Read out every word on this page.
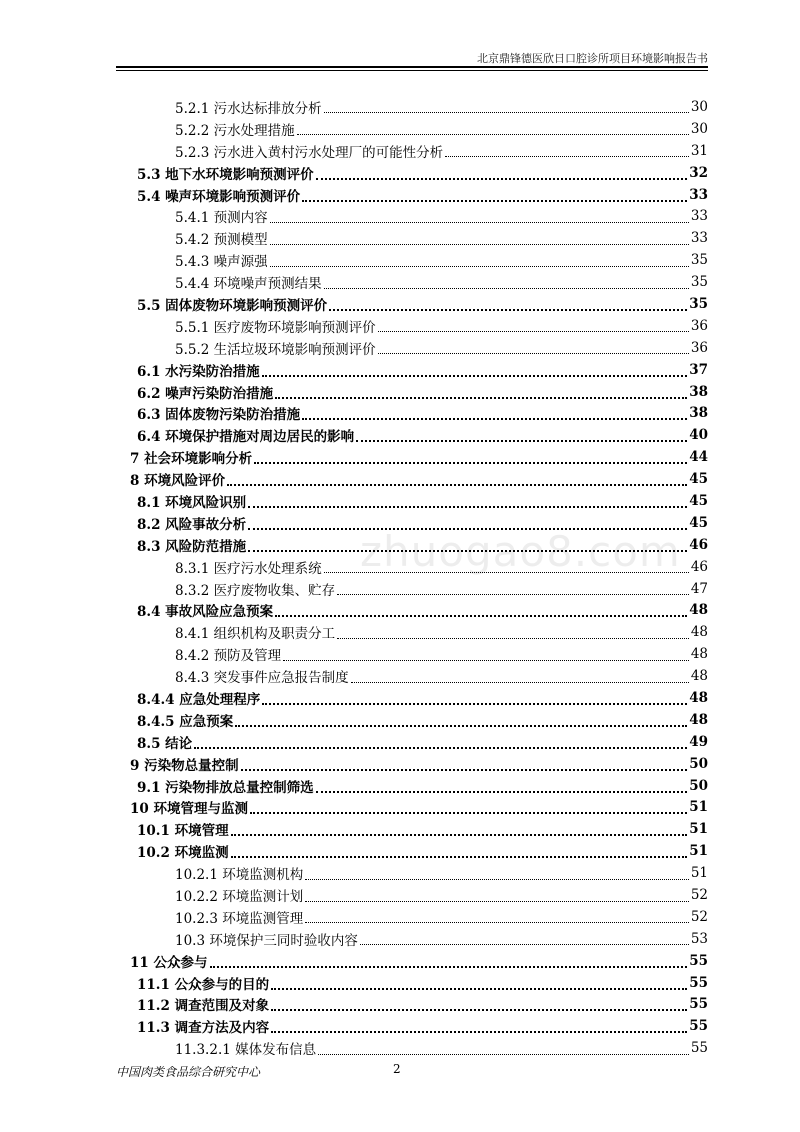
北京鼎锋德医欣日口腔诊所项目环境影响报告书
zhuogao8.com
5.2.1 污水达标排放分析	30
5.2.2 污水处理措施	30
5.2.3 污水进入黄村污水处理厂的可能性分析	31
5.3 地下水环境影响预测评价	32
5.4 噪声环境影响预测评价	33
5.4.1 预测内容	33
5.4.2 预测模型	33
5.4.3 噪声源强	35
5.4.4 环境噪声预测结果	35
5.5 固体废物环境影响预测评价	35
5.5.1 医疗废物环境影响预测评价	36
5.5.2 生活垃圾环境影响预测评价	36
6.1 水污染防治措施	37
6.2 噪声污染防治措施	38
6.3 固体废物污染防治措施	38
6.4 环境保护措施对周边居民的影响	40
7 社会环境影响分析	44
8 环境风险评价	45
8.1 环境风险识别	45
8.2 风险事故分析	45
8.3 风险防范措施	46
8.3.1 医疗污水处理系统	46
8.3.2 医疗废物收集、贮存	47
8.4 事故风险应急预案	48
8.4.1 组织机构及职责分工	48
8.4.2 预防及管理	48
8.4.3 突发事件应急报告制度	48
8.4.4 应急处理程序	48
8.4.5 应急预案	48
8.5 结论	49
9 污染物总量控制	50
9.1 污染物排放总量控制筛选	50
10 环境管理与监测	51
10.1 环境管理	51
10.2 环境监测	51
10.2.1 环境监测机构	51
10.2.2 环境监测计划	52
10.2.3 环境监测管理	52
10.3 环境保护三同时验收内容	53
11 公众参与	55
11.1 公众参与的目的	55
11.2 调查范围及对象	55
11.3 调查方法及内容	55
11.3.2.1 媒体发布信息	55
中国肉类食品综合研究中心	2
